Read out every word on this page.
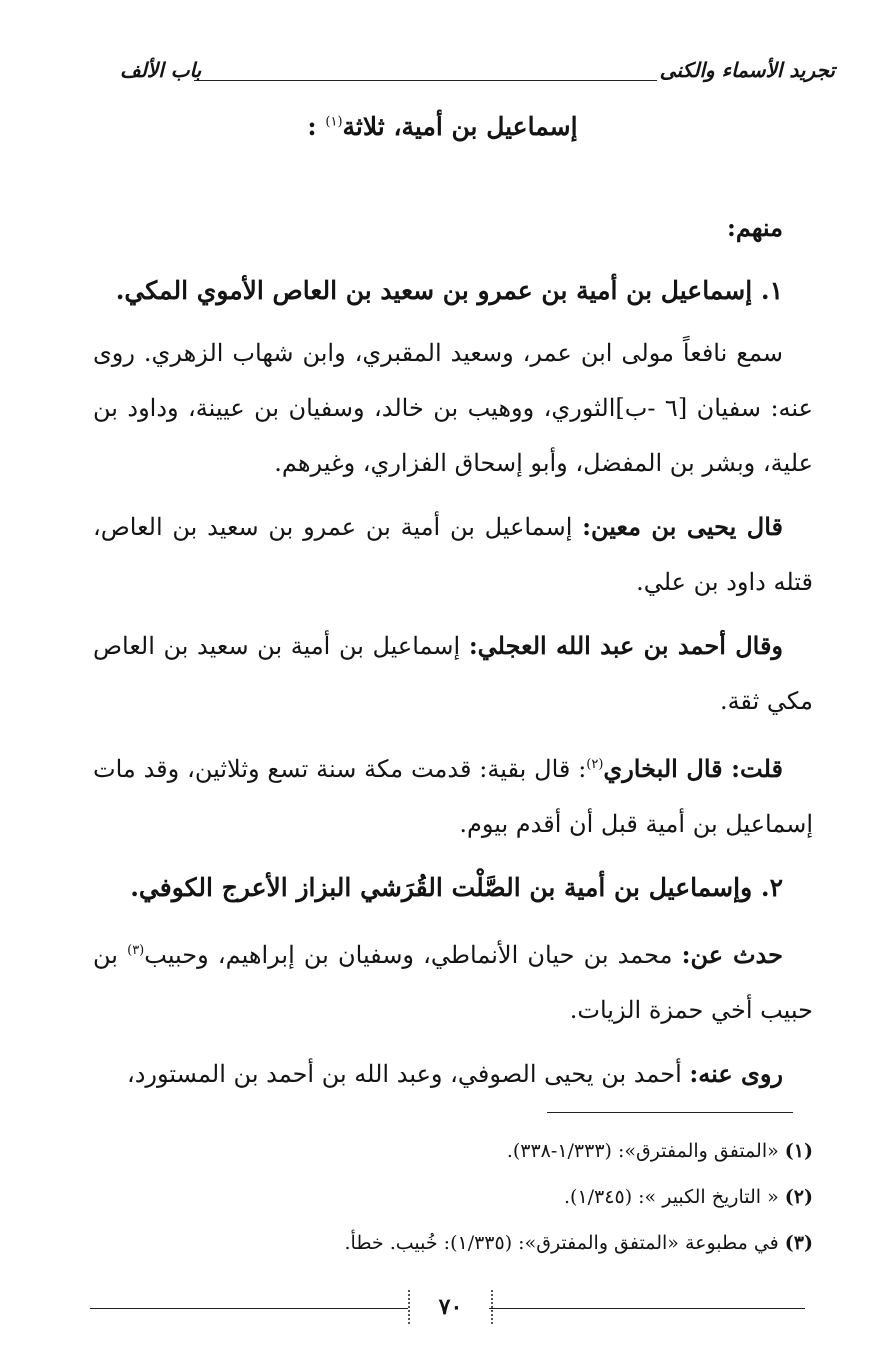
تجريد الأسماء والكنى
باب الألف
إسماعيل بن أمية، ثلاثة$^{(١)}$ :

منهم:

١. إسماعيل بن أمية بن عمرو بن سعيد بن العاص الأموي المكي.

سمع نافعاً مولى ابن عمر، وسعيد المقبري، وابن شهاب الزهري. روى عنه: سفيان [٦ -ب]الثوري، ووهيب بن خالد، وسفيان بن عيينة، وداود بن علية، وبشر بن المفضل، وأبو إسحاق الفزاري، وغيرهم.

قال يحيى بن معين: إسماعيل بن أمية بن عمرو بن سعيد بن العاص، قتله داود بن علي.

وقال أحمد بن عبد الله العجلي: إسماعيل بن أمية بن سعيد بن العاص مكي ثقة.

قلت: قال البخاري$^{(٢)}$: قال بقية: قدمت مكة سنة تسع وثلاثين، وقد مات إسماعيل بن أمية قبل أن أقدم بيوم.

٢. وإسماعيل بن أمية بن الصَّلْت القُرَشي البزاز الأعرج الكوفي.

حدث عن: محمد بن حيان الأنماطي، وسفيان بن إبراهيم، وحبيب$^{(٣)}$ بن حبيب أخي حمزة الزيات.

روى عنه: أحمد بن يحيى الصوفي، وعبد الله بن أحمد بن المستورد،

(١) «المتفق والمفترق»: (١/٣٣٣-٣٣٨).
(٢) « التاريخ الكبير »: (١/٣٤٥).
(٣) في مطبوعة «المتفق والمفترق»: (١/٣٣٥): خُبيب. خطأ.
٧٠
